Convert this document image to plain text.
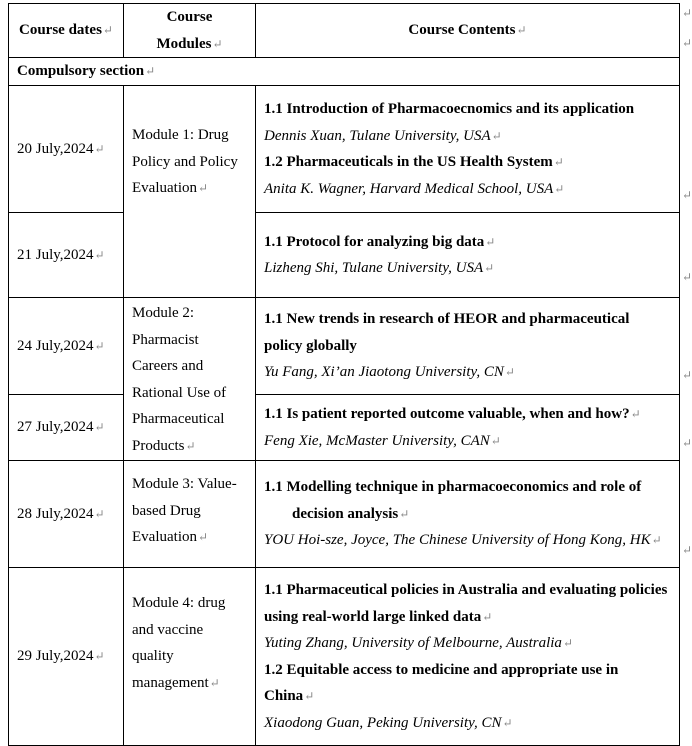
Course dates↵	Course Modules↵	Course Contents↵
Compulsory section↵		
20 July,2024↵	Module 1: Drug Policy and Policy Evaluation↵	1.1 Introduction of Pharmacoecnomics and its application
Dennis Xuan, Tulane University, USA↵
1.2 Pharmaceuticals in the US Health System↵
Anita K. Wagner, Harvard Medical School, USA↵

21 July,2024↵		1.1 Protocol for analyzing big data↵
Lizheng Shi, Tulane University, USA↵

24 July,2024↵	Module 2: Pharmacist Careers and Rational Use of Pharmaceutical Products↵	1.1 New trends in research of HEOR and pharmaceutical policy globally
Yu Fang, Xi’an Jiaotong University, CN↵

27 July,2024↵		1.1 Is patient reported outcome valuable, when and how?↵
Feng Xie, McMaster University, CAN↵

28 July,2024↵	Module 3: Value-based Drug Evaluation↵	1.1 Modelling technique in pharmacoeconomics and role of decision analysis↵
YOU Hoi-sze, Joyce, The Chinese University of Hong Kong, HK↵

29 July,2024↵	Module 4: drug and vaccine quality management↵	1.1 Pharmaceutical policies in Australia and evaluating policies using real-world large linked data↵
Yuting Zhang, University of Melbourne, Australia↵
1.2 Equitable access to medicine and appropriate use in China↵
Xiaodong Guan, Peking University, CN↵
↵
↵
↵
↵
↵
↵
↵
